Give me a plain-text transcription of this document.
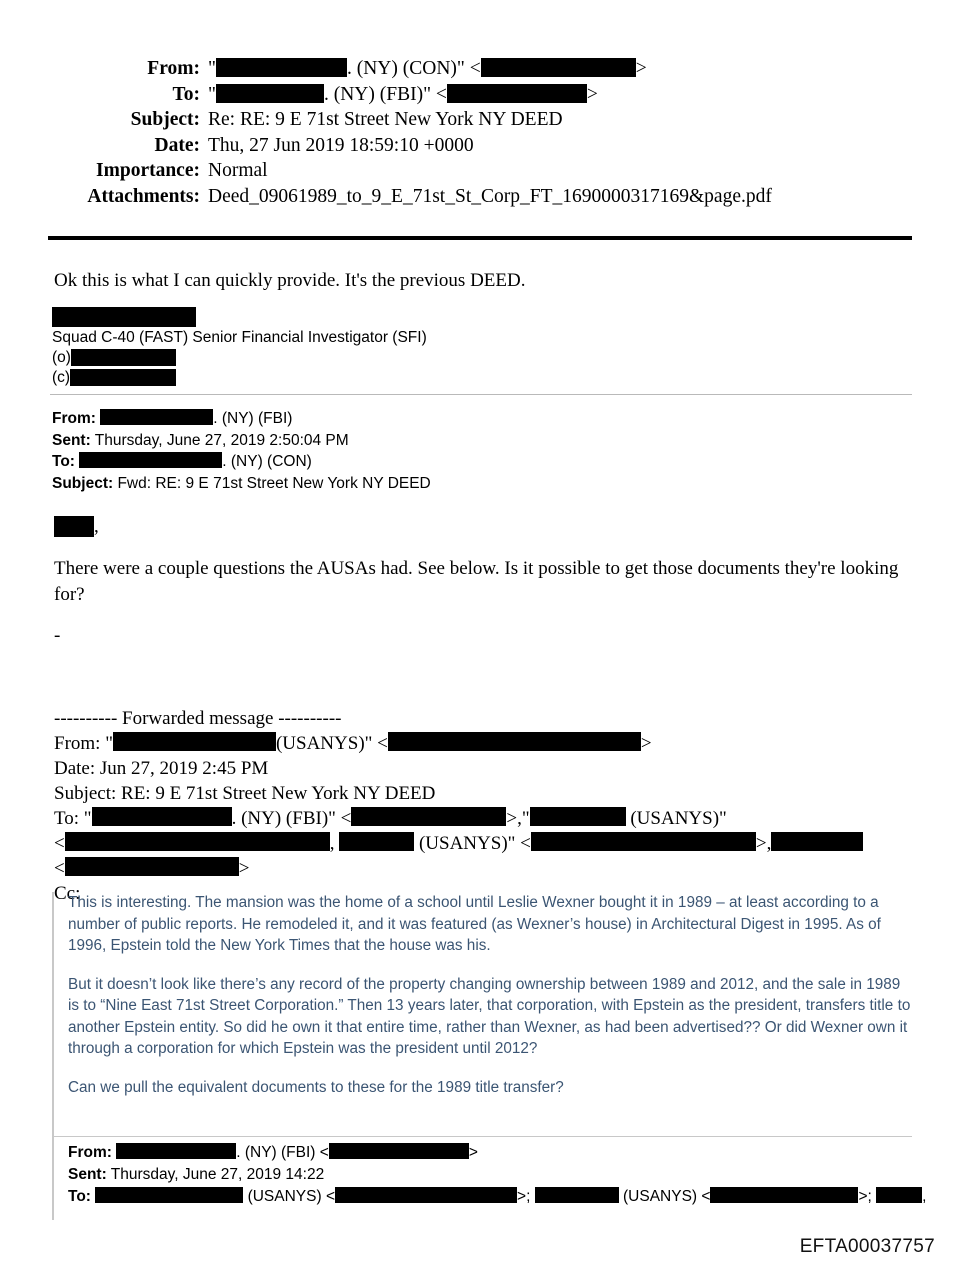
From: "	. (NY) (CON)" <	>
To: "	. (NY) (FBI)" <	>
Subject: Re: RE: 9 E 71st Street New York NY DEED
Date: Thu, 27 Jun 2019 18:59:10 +0000
Importance: Normal
Attachments: Deed_09061989_to_9_E_71st_St_Corp_FT_1690000317169&page.pdf
Ok this is what I can quickly provide. It's the previous DEED.
Squad C-40 (FAST) Senior Financial Investigator (SFI)
(o)
(c)
From:	. (NY) (FBI)
Sent: Thursday, June 27, 2019 2:50:04 PM
To:	. (NY) (CON)
Subject: Fwd: RE: 9 E 71st Street New York NY DEED
,
There were a couple questions the AUSAs had. See below. Is it possible to get those documents they're looking for?
-
---------- Forwarded message ----------
From: "	(USANYS)" <	>
Date: Jun 27, 2019 2:45 PM
Subject: RE: 9 E 71st Street New York NY DEED
To: "	. (NY) (FBI)" <	>,"	(USANYS)"
<	,	(USANYS)" <	>,
<	>
Cc:

This is interesting. The mansion was the home of a school until Leslie Wexner bought it in 1989 – at least according to a number of public reports. He remodeled it, and it was featured (as Wexner’s house) in Architectural Digest in 1995. As of 1996, Epstein told the New York Times that the house was his.

But it doesn’t look like there’s any record of the property changing ownership between 1989 and 2012, and the sale in 1989 is to “Nine East 71st Street Corporation.” Then 13 years later, that corporation, with Epstein as the president, transfers title to another Epstein entity. So did he own it that entire time, rather than Wexner, as had been advertised?? Or did Wexner own it through a corporation for which Epstein was the president until 2012?

Can we pull the equivalent documents to these for the 1989 title transfer?

From:	. (NY) (FBI) <	>
Sent: Thursday, June 27, 2019 14:22
To:	(USANYS) <	>;	(USANYS) <	>;	,
EFTA00037757
